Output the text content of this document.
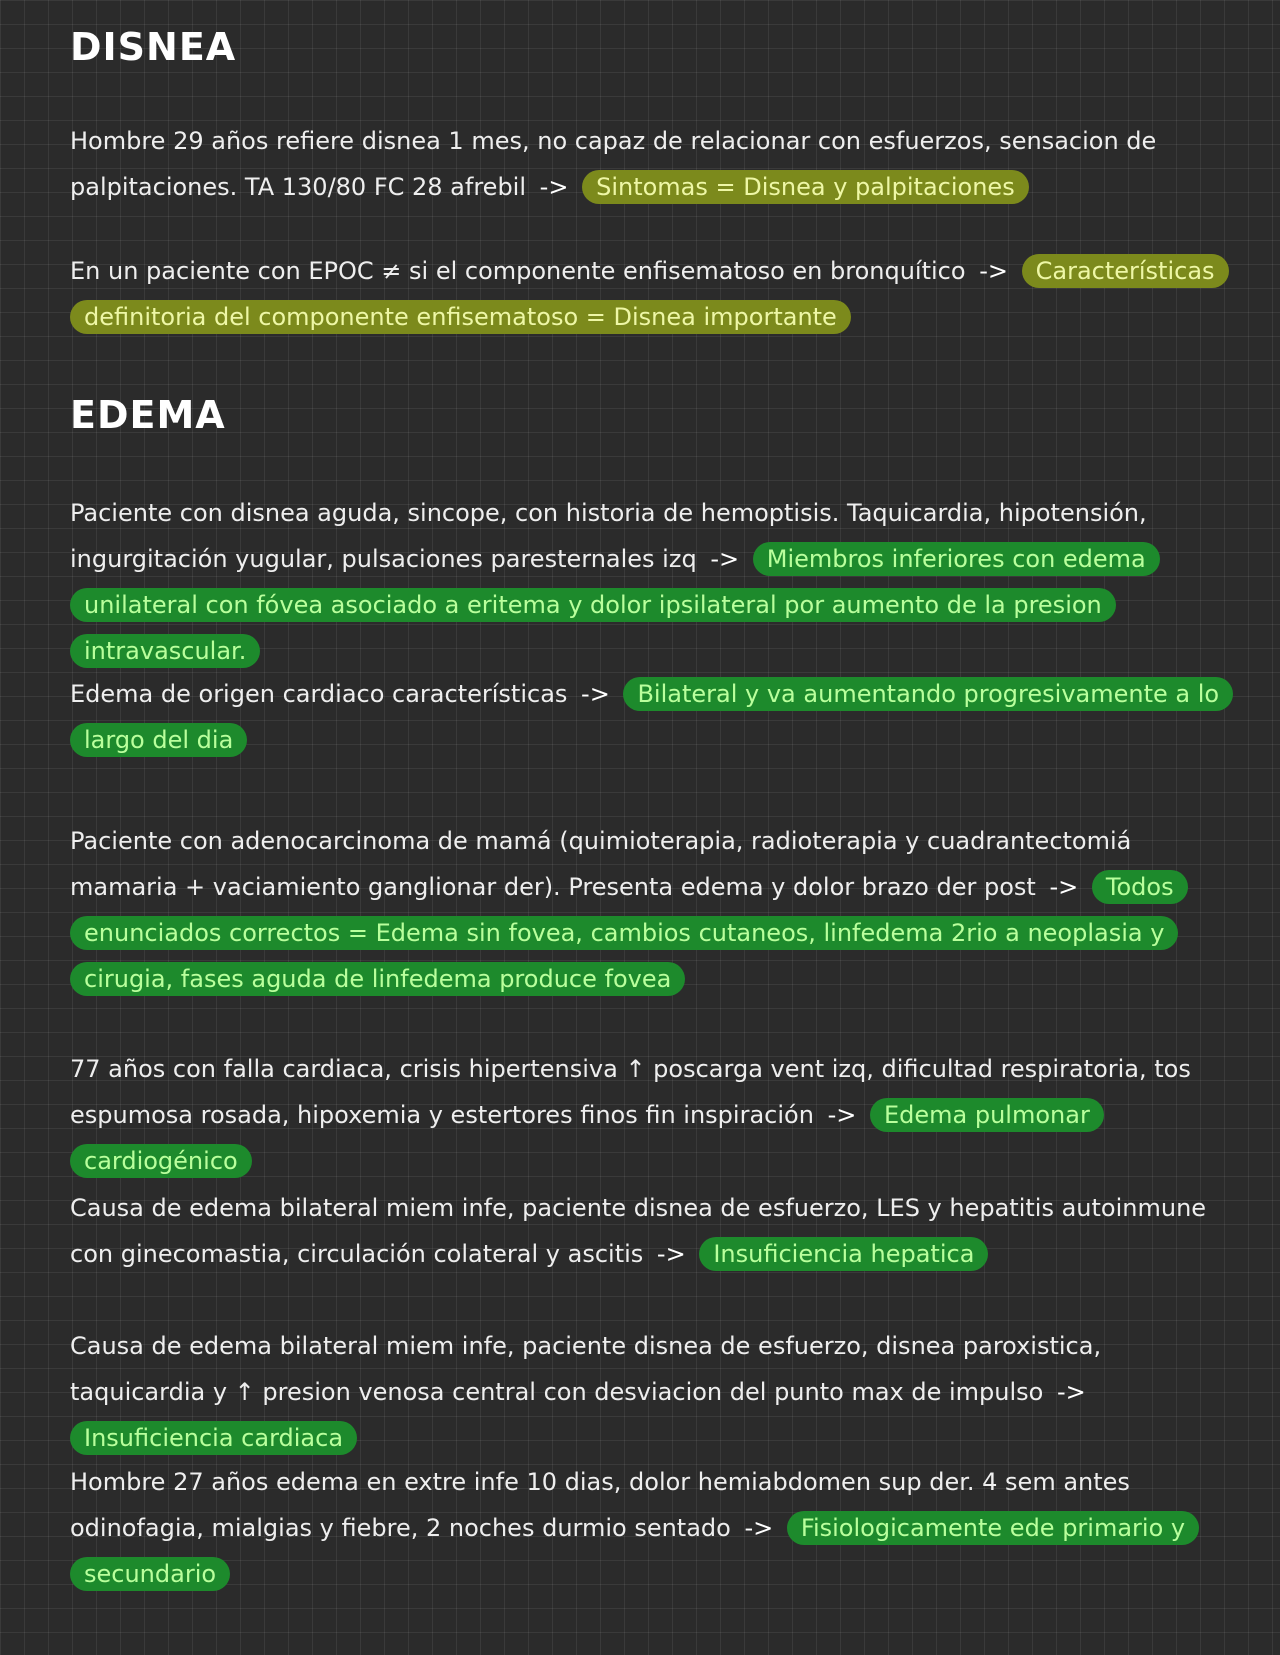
DISNEA
Hombre 29 años refiere disnea 1 mes, no capaz de relacionar con esfuerzos, sensacion de palpitaciones. TA 130/80 FC 28 afrebil -> Sintomas = Disnea y palpitaciones
En un paciente con EPOC ≠ si el componente enfisematoso en bronquítico -> Características definitoria del componente enfisematoso = Disnea importante
EDEMA
Paciente con disnea aguda, sincope, con historia de hemoptisis. Taquicardia, hipotensión, ingurgitación yugular, pulsaciones paresternales izq -> Miembros inferiores con edema unilateral con fóvea asociado a eritema y dolor ipsilateral por aumento de la presion intravascular.
Edema de origen cardiaco características -> Bilateral y va aumentando progresivamente a lo largo del dia
Paciente con adenocarcinoma de mamá (quimioterapia, radioterapia y cuadrantectomiá mamaria + vaciamiento ganglionar der). Presenta edema y dolor brazo der post -> Todos enunciados correctos = Edema sin fovea, cambios cutaneos, linfedema 2rio a neoplasia y cirugia, fases aguda de linfedema produce fovea
77 años con falla cardiaca, crisis hipertensiva ↑ poscarga vent izq, dificultad respiratoria, tos espumosa rosada, hipoxemia y estertores finos fin inspiración -> Edema pulmonar cardiogénico
Causa de edema bilateral miem infe, paciente disnea de esfuerzo, LES y hepatitis autoinmune con ginecomastia, circulación colateral y ascitis -> Insuficiencia hepatica
Causa de edema bilateral miem infe, paciente disnea de esfuerzo, disnea paroxistica, taquicardia y ↑ presion venosa central con desviacion del punto max de impulso -> Insuficiencia cardiaca
Hombre 27 años edema en extre infe 10 dias, dolor hemiabdomen sup der. 4 sem antes odinofagia, mialgias y fiebre, 2 noches durmio sentado -> Fisiologicamente ede primario y secundario
